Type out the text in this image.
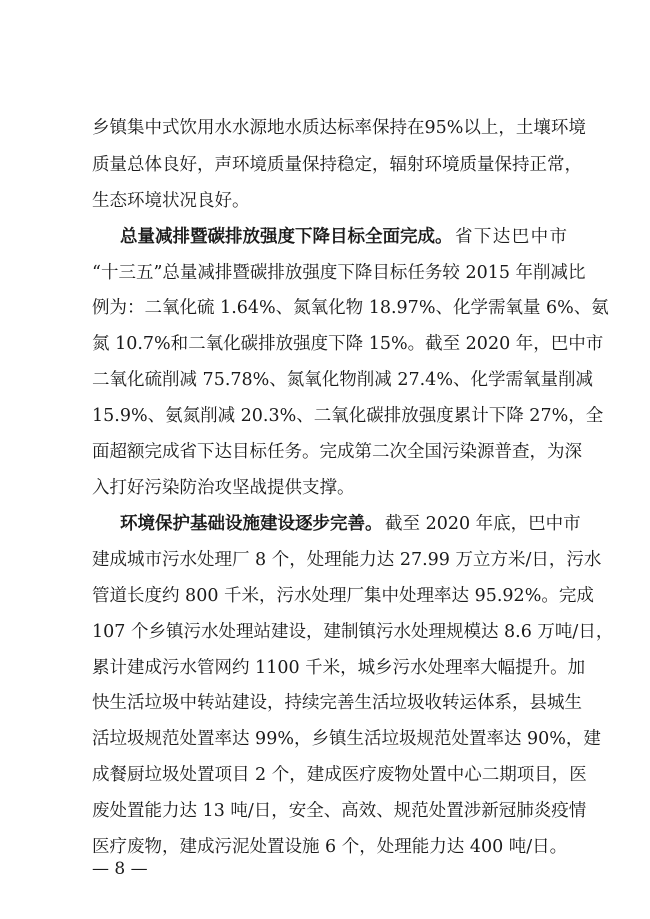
乡镇集中式饮用水水源地水质达标率保持在95%以上，土壤环境
质量总体良好，声环境质量保持稳定，辐射环境质量保持正常，
生态环境状况良好。
总量减排暨碳排放强度下降目标全面完成。 省下达巴中市
“十三五”总量减排暨碳排放强度下降目标任务较 2015 年削减比
例为：二氧化硫 1.64%、氮氧化物 18.97%、化学需氧量 6%、氨
氮 10.7%和二氧化碳排放强度下降 15%。截至 2020 年，巴中市
二氧化硫削减 75.78%、氮氧化物削减 27.4%、化学需氧量削减
15.9%、氨氮削减 20.3%、二氧化碳排放强度累计下降 27%，全
面超额完成省下达目标任务。完成第二次全国污染源普查，为深
入打好污染防治攻坚战提供支撑。
环境保护基础设施建设逐步完善。 截至 2020 年底，巴中市
建成城市污水处理厂 8 个，处理能力达 27.99 万立方米/日，污水
管道长度约 800 千米，污水处理厂集中处理率达 95.92%。完成
107 个乡镇污水处理站建设，建制镇污水处理规模达 8.6 万吨/日，
累计建成污水管网约 1100 千米，城乡污水处理率大幅提升。加
快生活垃圾中转站建设，持续完善生活垃圾收转运体系，县城生
活垃圾规范处置率达 99%，乡镇生活垃圾规范处置率达 90%，建
成餐厨垃圾处置项目 2 个，建成医疗废物处置中心二期项目，医
废处置能力达 13 吨/日，安全、高效、规范处置涉新冠肺炎疫情
医疗废物，建成污泥处置设施 6 个，处理能力达 400 吨/日。
— 8 —
